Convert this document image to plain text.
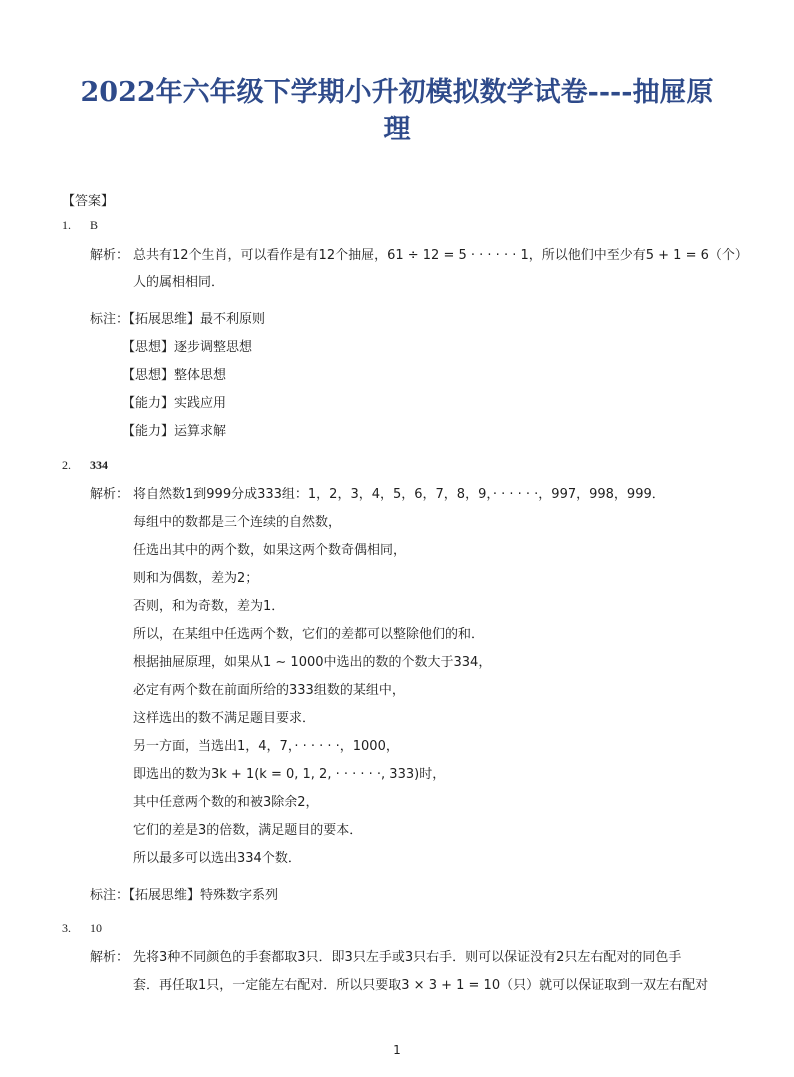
2022年六年级下学期小升初模拟数学试卷----抽屉原
理
【答案】
1. B
解析： 总共有12个生肖，可以看作是有12个抽屉，61 ÷ 12 = 5 · · · · · · 1，所以他们中至少有5 + 1 = 6（个）
人的属相相同．
标注：
【拓展思维】最不利原则
【思想】逐步调整思想
【思想】整体思想
【能力】实践应用
【能力】运算求解
2. 334
解析： 将自然数1到999分成333组：1，2，3，4，5，6，7，8，9，· · · · · ·，997，998，999．
每组中的数都是三个连续的自然数，
任选出其中的两个数，如果这两个数奇偶相同，
则和为偶数，差为2；
否则，和为奇数，差为1．
所以，在某组中任选两个数，它们的差都可以整除他们的和．
根据抽屉原理，如果从1 ∼ 1000中选出的数的个数大于334，
必定有两个数在前面所给的333组数的某组中，
这样选出的数不满足题目要求．
另一方面，当选出1，4，7，· · · · · ·，1000，
即选出的数为3k + 1(k = 0, 1, 2, · · · · · ·, 333)时，
其中任意两个数的和被3除余2，
它们的差是3的倍数，满足题目的要本．
所以最多可以选出334个数．
标注：
【拓展思维】特殊数字系列
3. 10
解析： 先将3种不同颜色的手套都取3只．即3只左手或3只右手．则可以保证没有2只左右配对的同色手
套．再任取1只，一定能左右配对．所以只要取3 × 3 + 1 = 10（只）就可以保证取到一双左右配对
1
